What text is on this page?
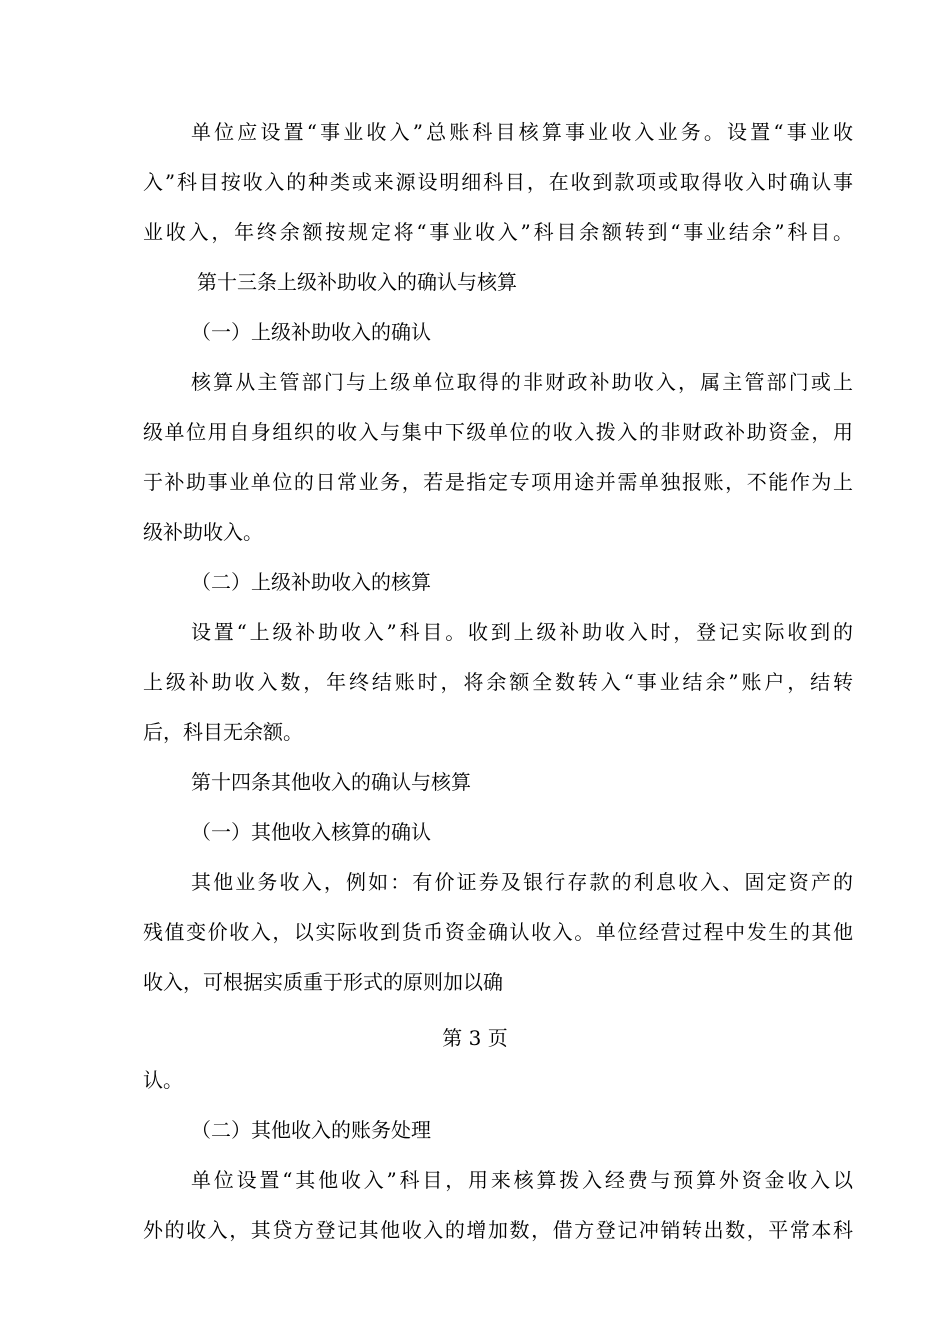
单位应设置“事业收入”总账科目核算事业收入业务。设置“事业收
入”科目按收入的种类或来源设明细科目，在收到款项或取得收入时确认事
业收入，年终余额按规定将“事业收入”科目余额转到“事业结余”科目。
第十三条上级补助收入的确认与核算
（一）上级补助收入的确认
核算从主管部门与上级单位取得的非财政补助收入，属主管部门或上
级单位用自身组织的收入与集中下级单位的收入拨入的非财政补助资金，用
于补助事业单位的日常业务，若是指定专项用途并需单独报账，不能作为上
级补助收入。
（二）上级补助收入的核算
设置“上级补助收入”科目。收到上级补助收入时，登记实际收到的
上级补助收入数，年终结账时，将余额全数转入“事业结余”账户，结转
后，科目无余额。
第十四条其他收入的确认与核算
（一）其他收入核算的确认
其他业务收入，例如：有价证券及银行存款的利息收入、固定资产的
残值变价收入，以实际收到货币资金确认收入。单位经营过程中发生的其他
收入，可根据实质重于形式的原则加以确
第 3 页
认。
（二）其他收入的账务处理
单位设置“其他收入”科目，用来核算拨入经费与预算外资金收入以
外的收入，其贷方登记其他收入的增加数，借方登记冲销转出数，平常本科
